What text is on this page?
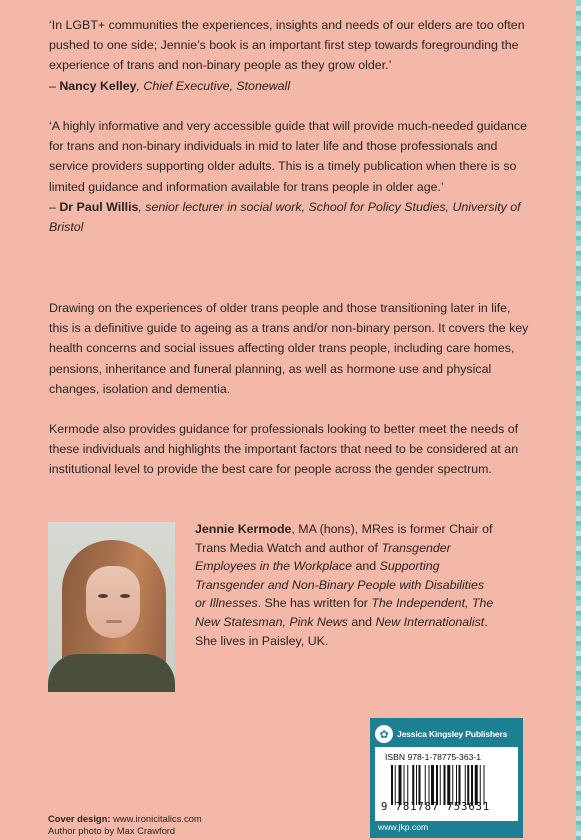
‘In LGBT+ communities the experiences, insights and needs of our elders are too often pushed to one side; Jennie’s book is an important first step towards foregrounding the experience of trans and non-binary people as they grow older.’
– Nancy Kelley, Chief Executive, Stonewall

‘A highly informative and very accessible guide that will provide much-needed guidance for trans and non-binary individuals in mid to later life and those professionals and service providers supporting older adults. This is a timely publication when there is so limited guidance and information available for trans people in older age.’
– Dr Paul Willis, senior lecturer in social work, School for Policy Studies, University of Bristol

Drawing on the experiences of older trans people and those transitioning later in life, this is a definitive guide to ageing as a trans and/or non-binary person. It covers the key health concerns and social issues affecting older trans people, including care homes, pensions, inheritance and funeral planning, as well as hormone use and physical changes, isolation and dementia.

Kermode also provides guidance for professionals looking to better meet the needs of these individuals and highlights the important factors that need to be considered at an institutional level to provide the best care for people across the gender spectrum.

Jennie Kermode, MA (hons), MRes is former Chair of Trans Media Watch and author of Transgender Employees in the Workplace and Supporting Transgender and Non-Binary People with Disabilities or Illnesses. She has written for The Independent, The New Statesman, Pink News and New Internationalist. She lives in Paisley, UK.

Cover design: www.ironicitalics.com

Author photo by Max Crawford

✿ Jessica Kingsley Publishers
ISBN 978-1-78775-363-1
9 781787 753631
www.jkp.com
